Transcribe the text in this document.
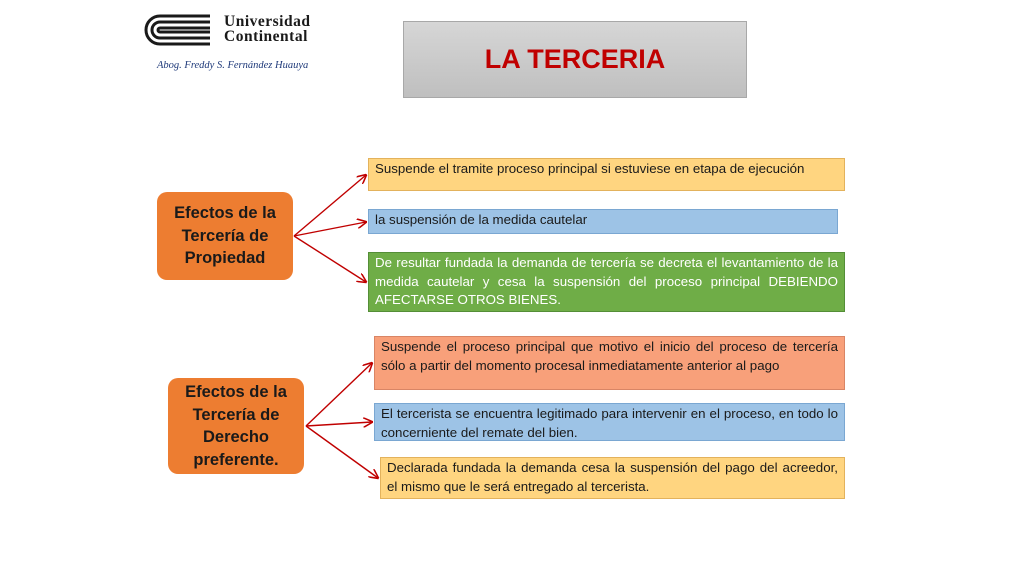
Universidad
Continental
Abog. Freddy S. Fernández Huauya	LA TERCERIA
Efectos de la Tercería de Propiedad
Suspende el tramite proceso principal si estuviese en etapa de ejecución
la suspensión de la medida cautelar
De resultar fundada la demanda de tercería se decreta el levantamiento de la medida cautelar y cesa la suspensión del proceso principal DEBIENDO AFECTARSE OTROS BIENES.
Efectos de la Tercería de Derecho preferente.
Suspende el proceso principal que motivo el inicio del proceso de tercería sólo a partir del momento procesal inmediatamente anterior al pago
El tercerista se encuentra legitimado para intervenir en el proceso, en todo lo concerniente del remate del bien.
Declarada fundada la demanda cesa la suspensión del pago del acreedor, el mismo que le será entregado al tercerista.
